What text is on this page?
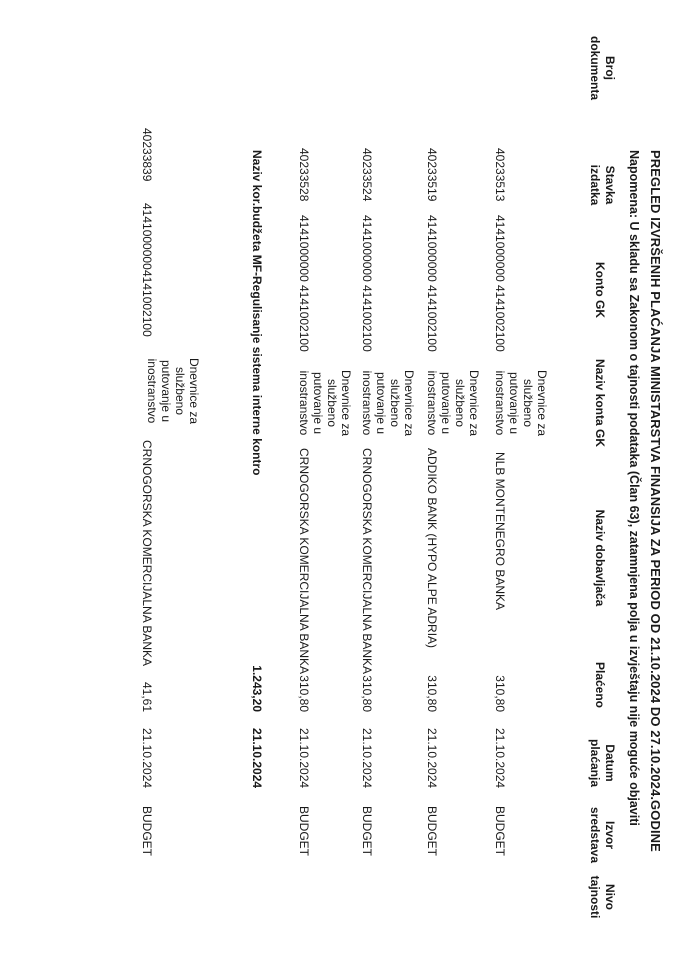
PREGLED IZVRŠENIH PLAĆANJA MINISTARSTVA FINANSIJA ZA PERIOD OD 21.10.2024 DO 27.10.2024.GODINE
Napomena: U skladu sa Zakonom o tajnosti podataka (Član 63), zatamnjena polja u izvještaju nije moguće objaviti
Broj
dokumenta
Stavka
izdatka
Konto GK
Naziv konta GK
Naziv dobavljača
Plaćeno
Datum
plaćanja
Izvor
sredstava
Nivo
tajnosti
40233513
4141000000
4141002100
Dnevnice za
službeno
putovanje u
inostranstvo
NLB MONTENEGRO BANKA
310,80
21.10.2024
BUDGET
40233519
4141000000
4141002100
Dnevnice za
službeno
putovanje u
inostranstvo
ADDIKO BANK (HYPO ALPE ADRIA)
310,80
21.10.2024
BUDGET
40233524
4141000000
4141002100
Dnevnice za
službeno
putovanje u
inostranstvo
CRNOGORSKA KOMERCIJALNA BANKA
310,80
21.10.2024
BUDGET
40233528
4141000000
4141002100
Dnevnice za
službeno
putovanje u
inostranstvo
CRNOGORSKA KOMERCIJALNA BANKA
310,80
21.10.2024
BUDGET
1.243,20
21.10.2024
Naziv kor.budžeta MF-Regulisanje sistema interne kontro
40233839
4141000000
4141002100
Dnevnice za
službeno
putovanje u
inostranstvo
CRNOGORSKA KOMERCIJALNA BANKA
41,61
21.10.2024
BUDGET
